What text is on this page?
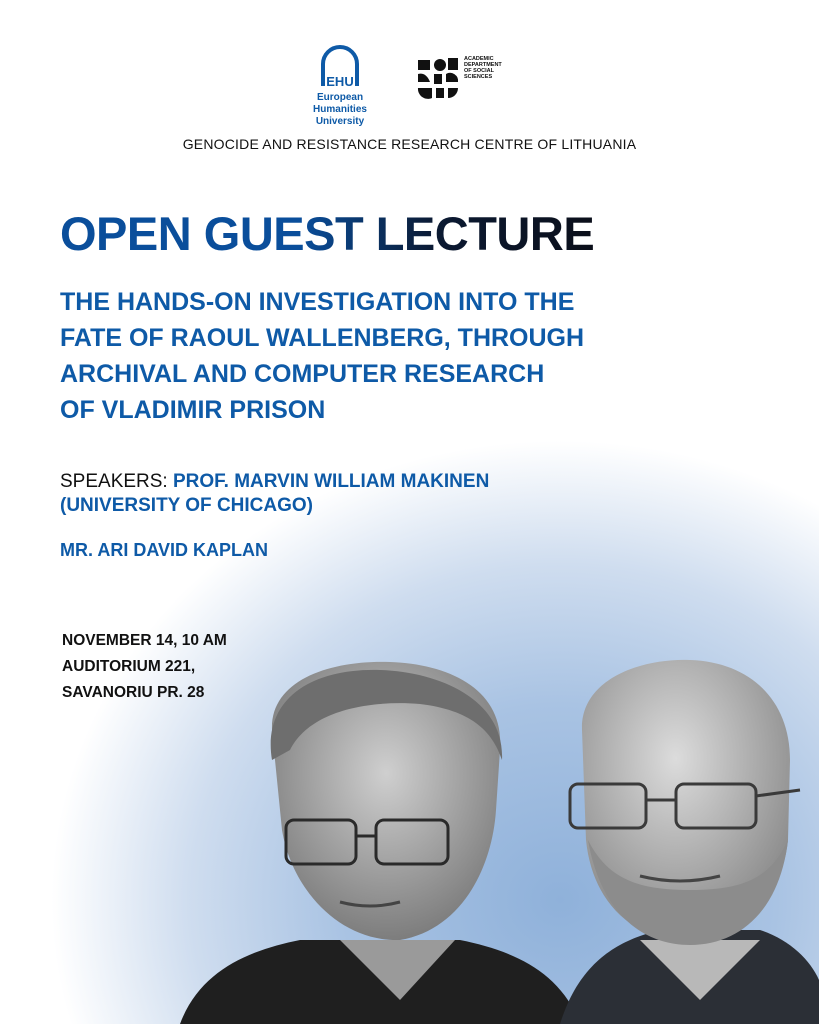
EHU
European Humanities
University
ACADEMIC
DEPARTMENT
OF SOCIAL
SCIENCES
GENOCIDE AND RESISTANCE RESEARCH CENTRE OF LITHUANIA
OPEN GUEST LECTURE
THE HANDS-ON INVESTIGATION INTO THE
FATE OF RAOUL WALLENBERG, THROUGH
ARCHIVAL AND COMPUTER RESEARCH
OF VLADIMIR PRISON
SPEAKERS: PROF. MARVIN WILLIAM MAKINEN
(UNIVERSITY OF CHICAGO)
MR. ARI DAVID KAPLAN
NOVEMBER 14, 10 AM
AUDITORIUM 221,
SAVANORIU PR. 28
